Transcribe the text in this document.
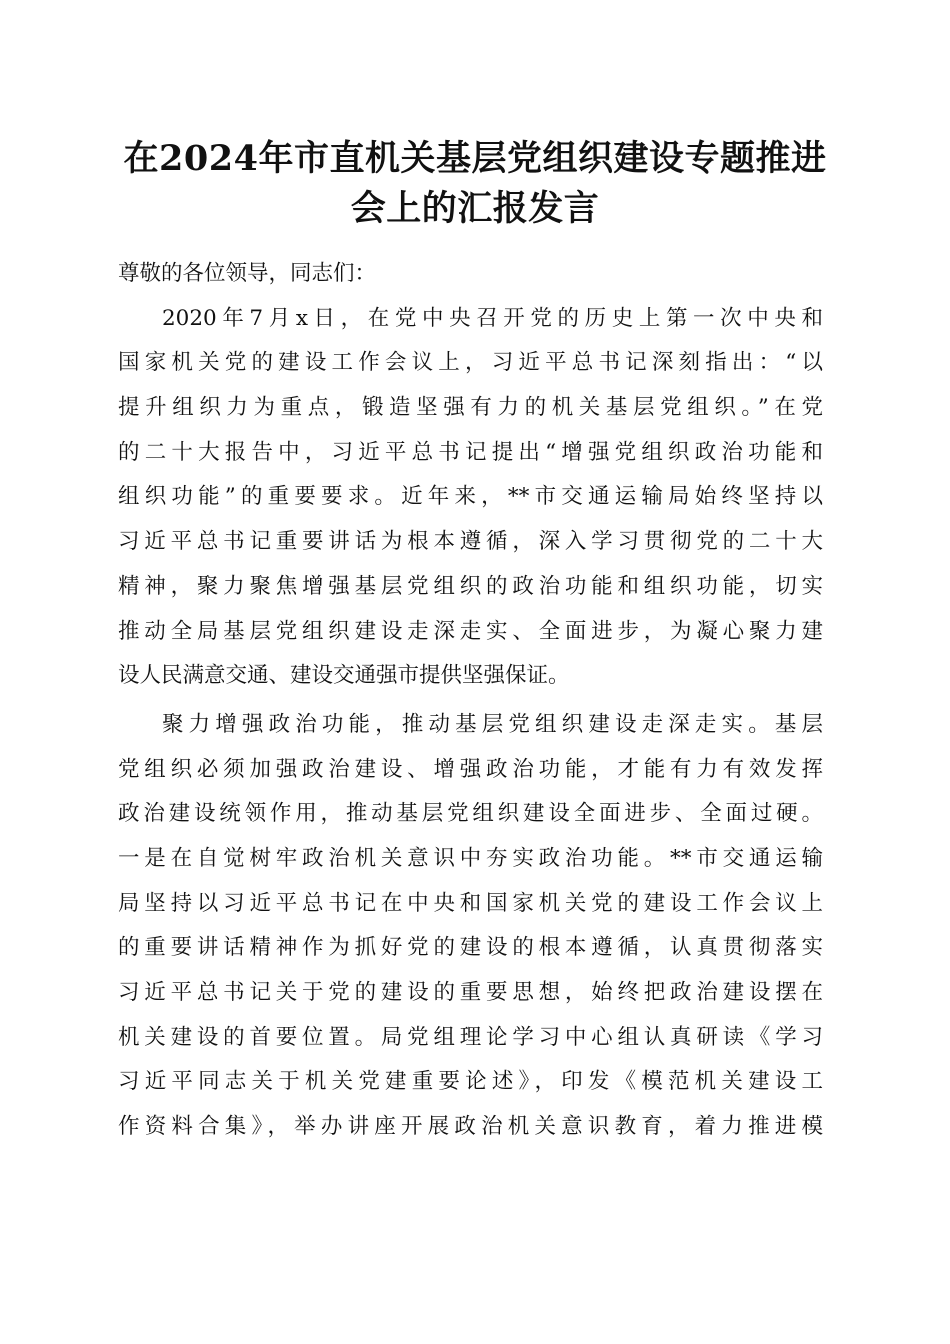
在2024年市直机关基层党组织建设专题推进
会上的汇报发言
尊敬的各位领导，同志们：
2020年7月x日，在党中央召开党的历史上第一次中央和
国家机关党的建设工作会议上，习近平总书记深刻指出：“以
提升组织力为重点，锻造坚强有力的机关基层党组织。”在党
的二十大报告中，习近平总书记提出“增强党组织政治功能和
组织功能”的重要要求。近年来，**市交通运输局始终坚持以
习近平总书记重要讲话为根本遵循，深入学习贯彻党的二十大
精神，聚力聚焦增强基层党组织的政治功能和组织功能，切实
推动全局基层党组织建设走深走实、全面进步，为凝心聚力建
设人民满意交通、建设交通强市提供坚强保证。
聚力增强政治功能，推动基层党组织建设走深走实。基层
党组织必须加强政治建设、增强政治功能，才能有力有效发挥
政治建设统领作用，推动基层党组织建设全面进步、全面过硬。
一是在自觉树牢政治机关意识中夯实政治功能。**市交通运输
局坚持以习近平总书记在中央和国家机关党的建设工作会议上
的重要讲话精神作为抓好党的建设的根本遵循，认真贯彻落实
习近平总书记关于党的建设的重要思想，始终把政治建设摆在
机关建设的首要位置。局党组理论学习中心组认真研读《学习
习近平同志关于机关党建重要论述》，印发《模范机关建设工
作资料合集》，举办讲座开展政治机关意识教育，着力推进模
